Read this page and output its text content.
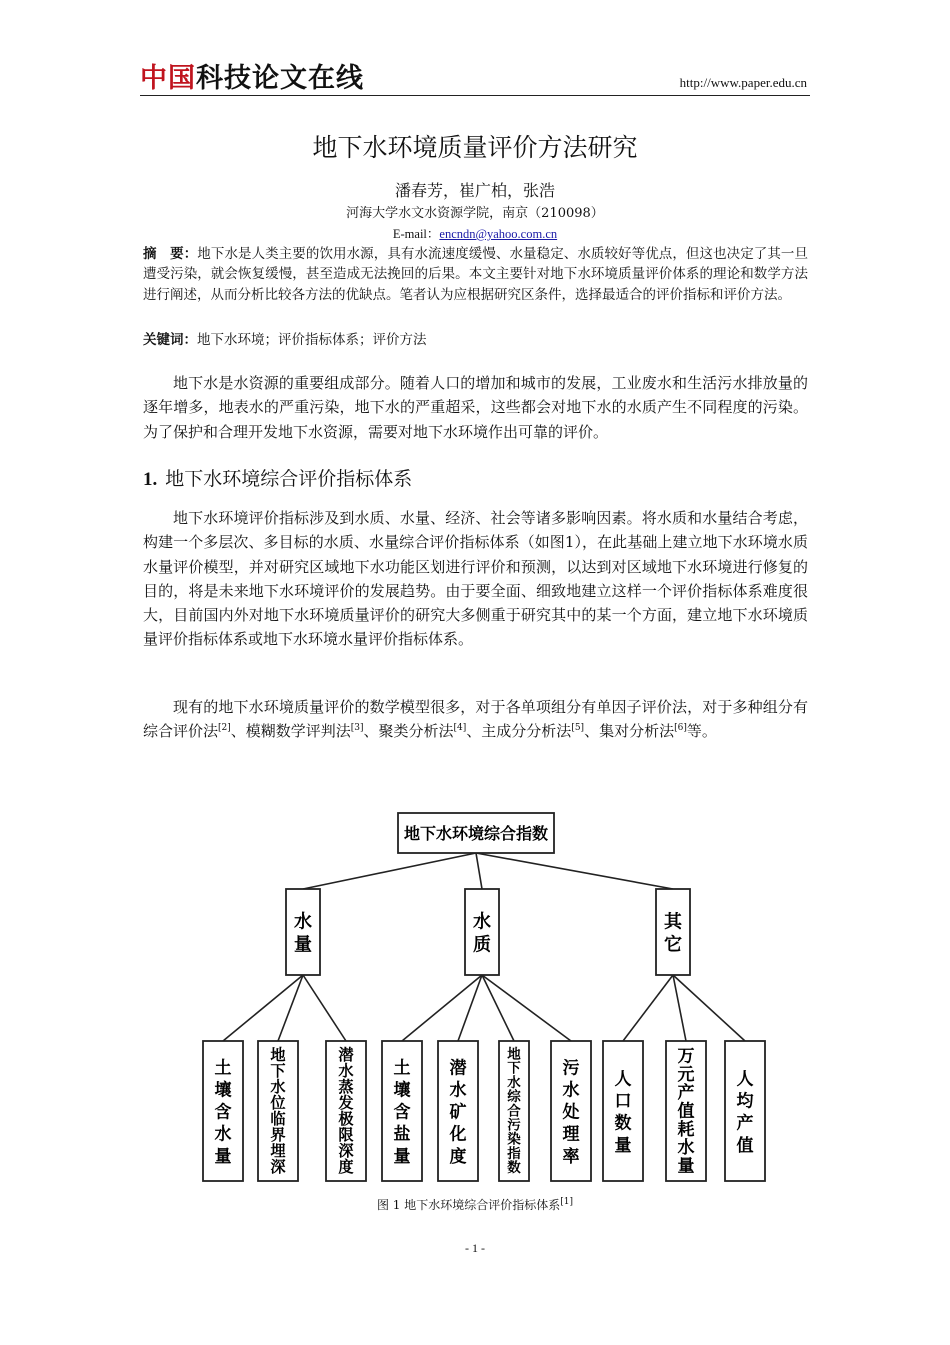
中国科技论文在线	http://www.paper.edu.cn
地下水环境质量评价方法研究
潘春芳，崔广柏，张浩
河海大学水文水资源学院，南京（210098）
E-mail：encndn@yahoo.com.cn
摘　要：地下水是人类主要的饮用水源，具有水流速度缓慢、水量稳定、水质较好等优点，但这也决定了其一旦遭受污染，就会恢复缓慢，甚至造成无法挽回的后果。本文主要针对地下水环境质量评价体系的理论和数学方法进行阐述，从而分析比较各方法的优缺点。笔者认为应根据研究区条件，选择最适合的评价指标和评价方法。
关键词：地下水环境；评价指标体系；评价方法

地下水是水资源的重要组成部分。随着人口的增加和城市的发展，工业废水和生活污水排放量的逐年增多，地表水的严重污染，地下水的严重超采，这些都会对地下水的水质产生不同程度的污染。为了保护和合理开发地下水资源，需要对地下水环境作出可靠的评价。

1. 地下水环境综合评价指标体系

地下水环境评价指标涉及到水质、水量、经济、社会等诸多影响因素。将水质和水量结合考虑，构建一个多层次、多目标的水质、水量综合评价指标体系（如图1），在此基础上建立地下水环境水质水量评价模型，并对研究区域地下水功能区划进行评价和预测，以达到对区域地下水环境进行修复的目的，将是未来地下水环境评价的发展趋势。由于要全面、细致地建立这样一个评价指标体系难度很大，目前国内外对地下水环境质量评价的研究大多侧重于研究其中的某一个方面，建立地下水环境质量评价指标体系或地下水环境水量评价指标体系。

现有的地下水环境质量评价的数学模型很多，对于各单项组分有单因子评价法，对于多种组分有综合评价法[2]、模糊数学评判法[3]、聚类分析法[4]、主成分分析法[5]、集对分析法[6]等。

地下水环境综合指数
水
量
水
质
其
它
土
壤
含
水
量
地
下
水
位
临
界
埋
深
潜
水
蒸
发
极
限
深
度
土
壤
含
盐
量
潜
水
矿
化
度
地
下
水
综
合
污
染
指
数
污
水
处
理
率
人
口
数
量
万
元
产
值
耗
水
量
人
均
产
值
图 1 地下水环境综合评价指标体系[1]
- 1 -
